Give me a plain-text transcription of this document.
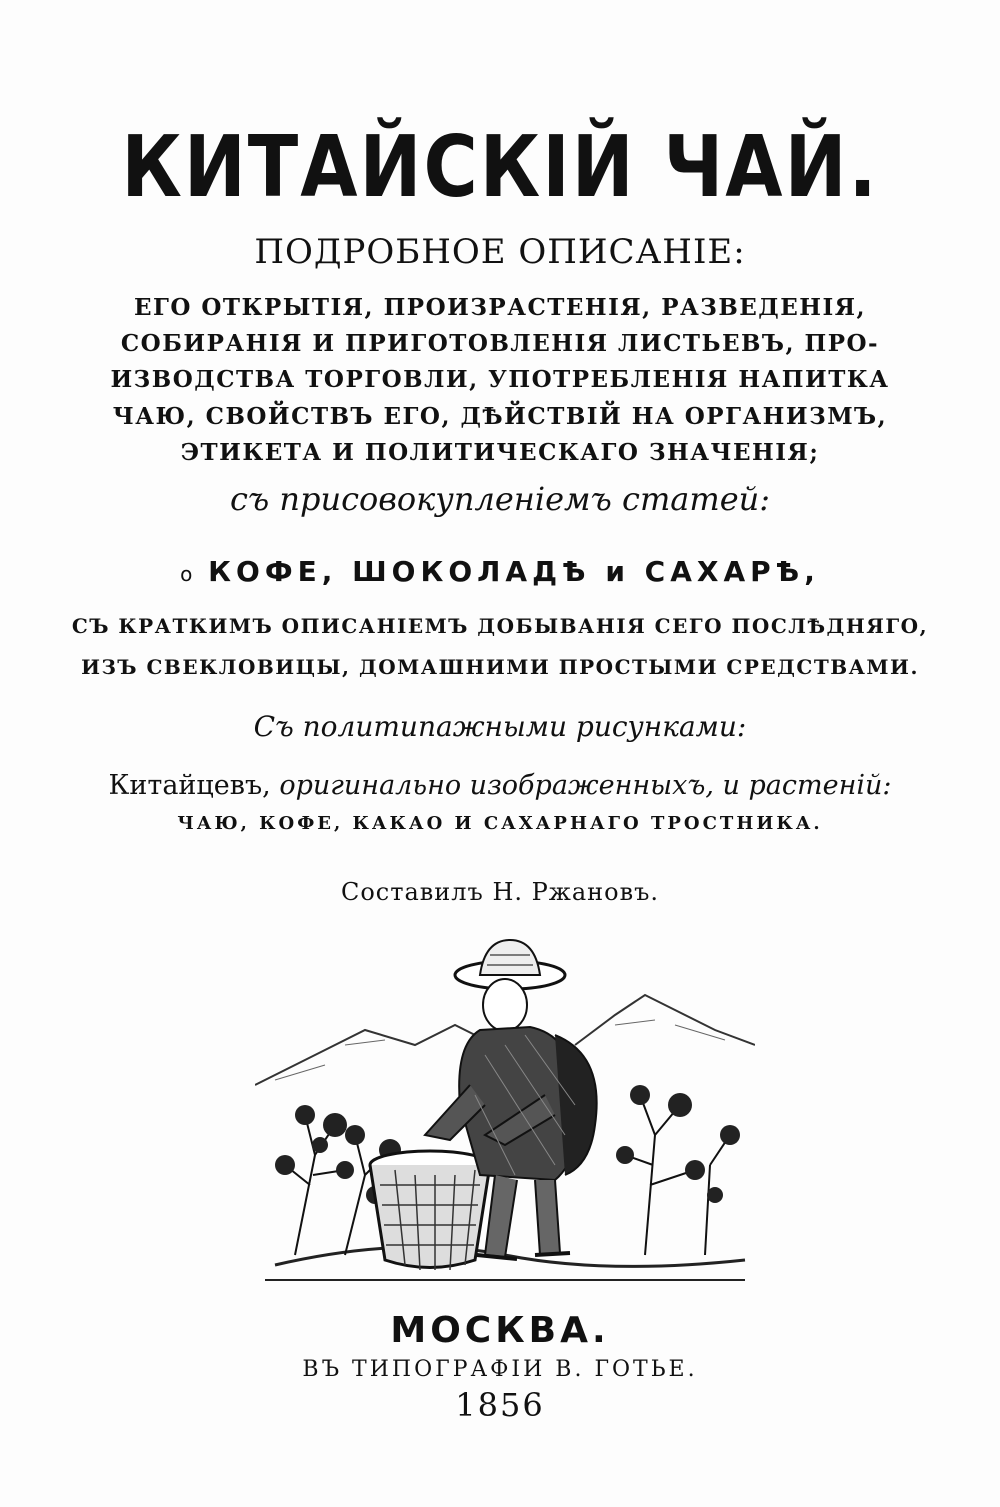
КИТАЙСКІЙ ЧАЙ.
ПОДРОБНОЕ ОПИСАНІЕ:
ЕГО ОТКРЫТІЯ, ПРОИЗРАСТЕНІЯ, РАЗВЕДЕНІЯ,
СОБИРАНІЯ И ПРИГОТОВЛЕНІЯ ЛИСТЬЕВЪ, ПРО-
ИЗВОДСТВА ТОРГОВЛИ, УПОТРЕБЛЕНІЯ НАПИТКА
ЧАЮ, СВОЙСТВЪ ЕГО, ДѢЙСТВІЙ НА ОРГАНИЗМЪ,
ЭТИКЕТА И ПОЛИТИЧЕСКАГО ЗНАЧЕНІЯ;
съ присовокупленіемъ статей:
о КОФЕ, ШОКОЛАДѢ и САХАРѢ,
СЪ КРАТКИМЪ ОПИСАНІЕМЪ ДОБЫВАНІЯ СЕГО ПОСЛѢДНЯГО,
ИЗЪ СВЕКЛОВИЦЫ, ДОМАШНИМИ ПРОСТЫМИ СРЕДСТВАМИ.
Съ политипажными рисунками:
Китайцевъ, оригинально изображенныхъ, и растеній:
ЧАЮ, КОФЕ, КАКАО И САХАРНАГО ТРОСТНИКА.
Составилъ Н. Ржановъ.
МОСКВА.
ВЪ ТИПОГРАФІИ В. ГОТЬЕ.
1856
